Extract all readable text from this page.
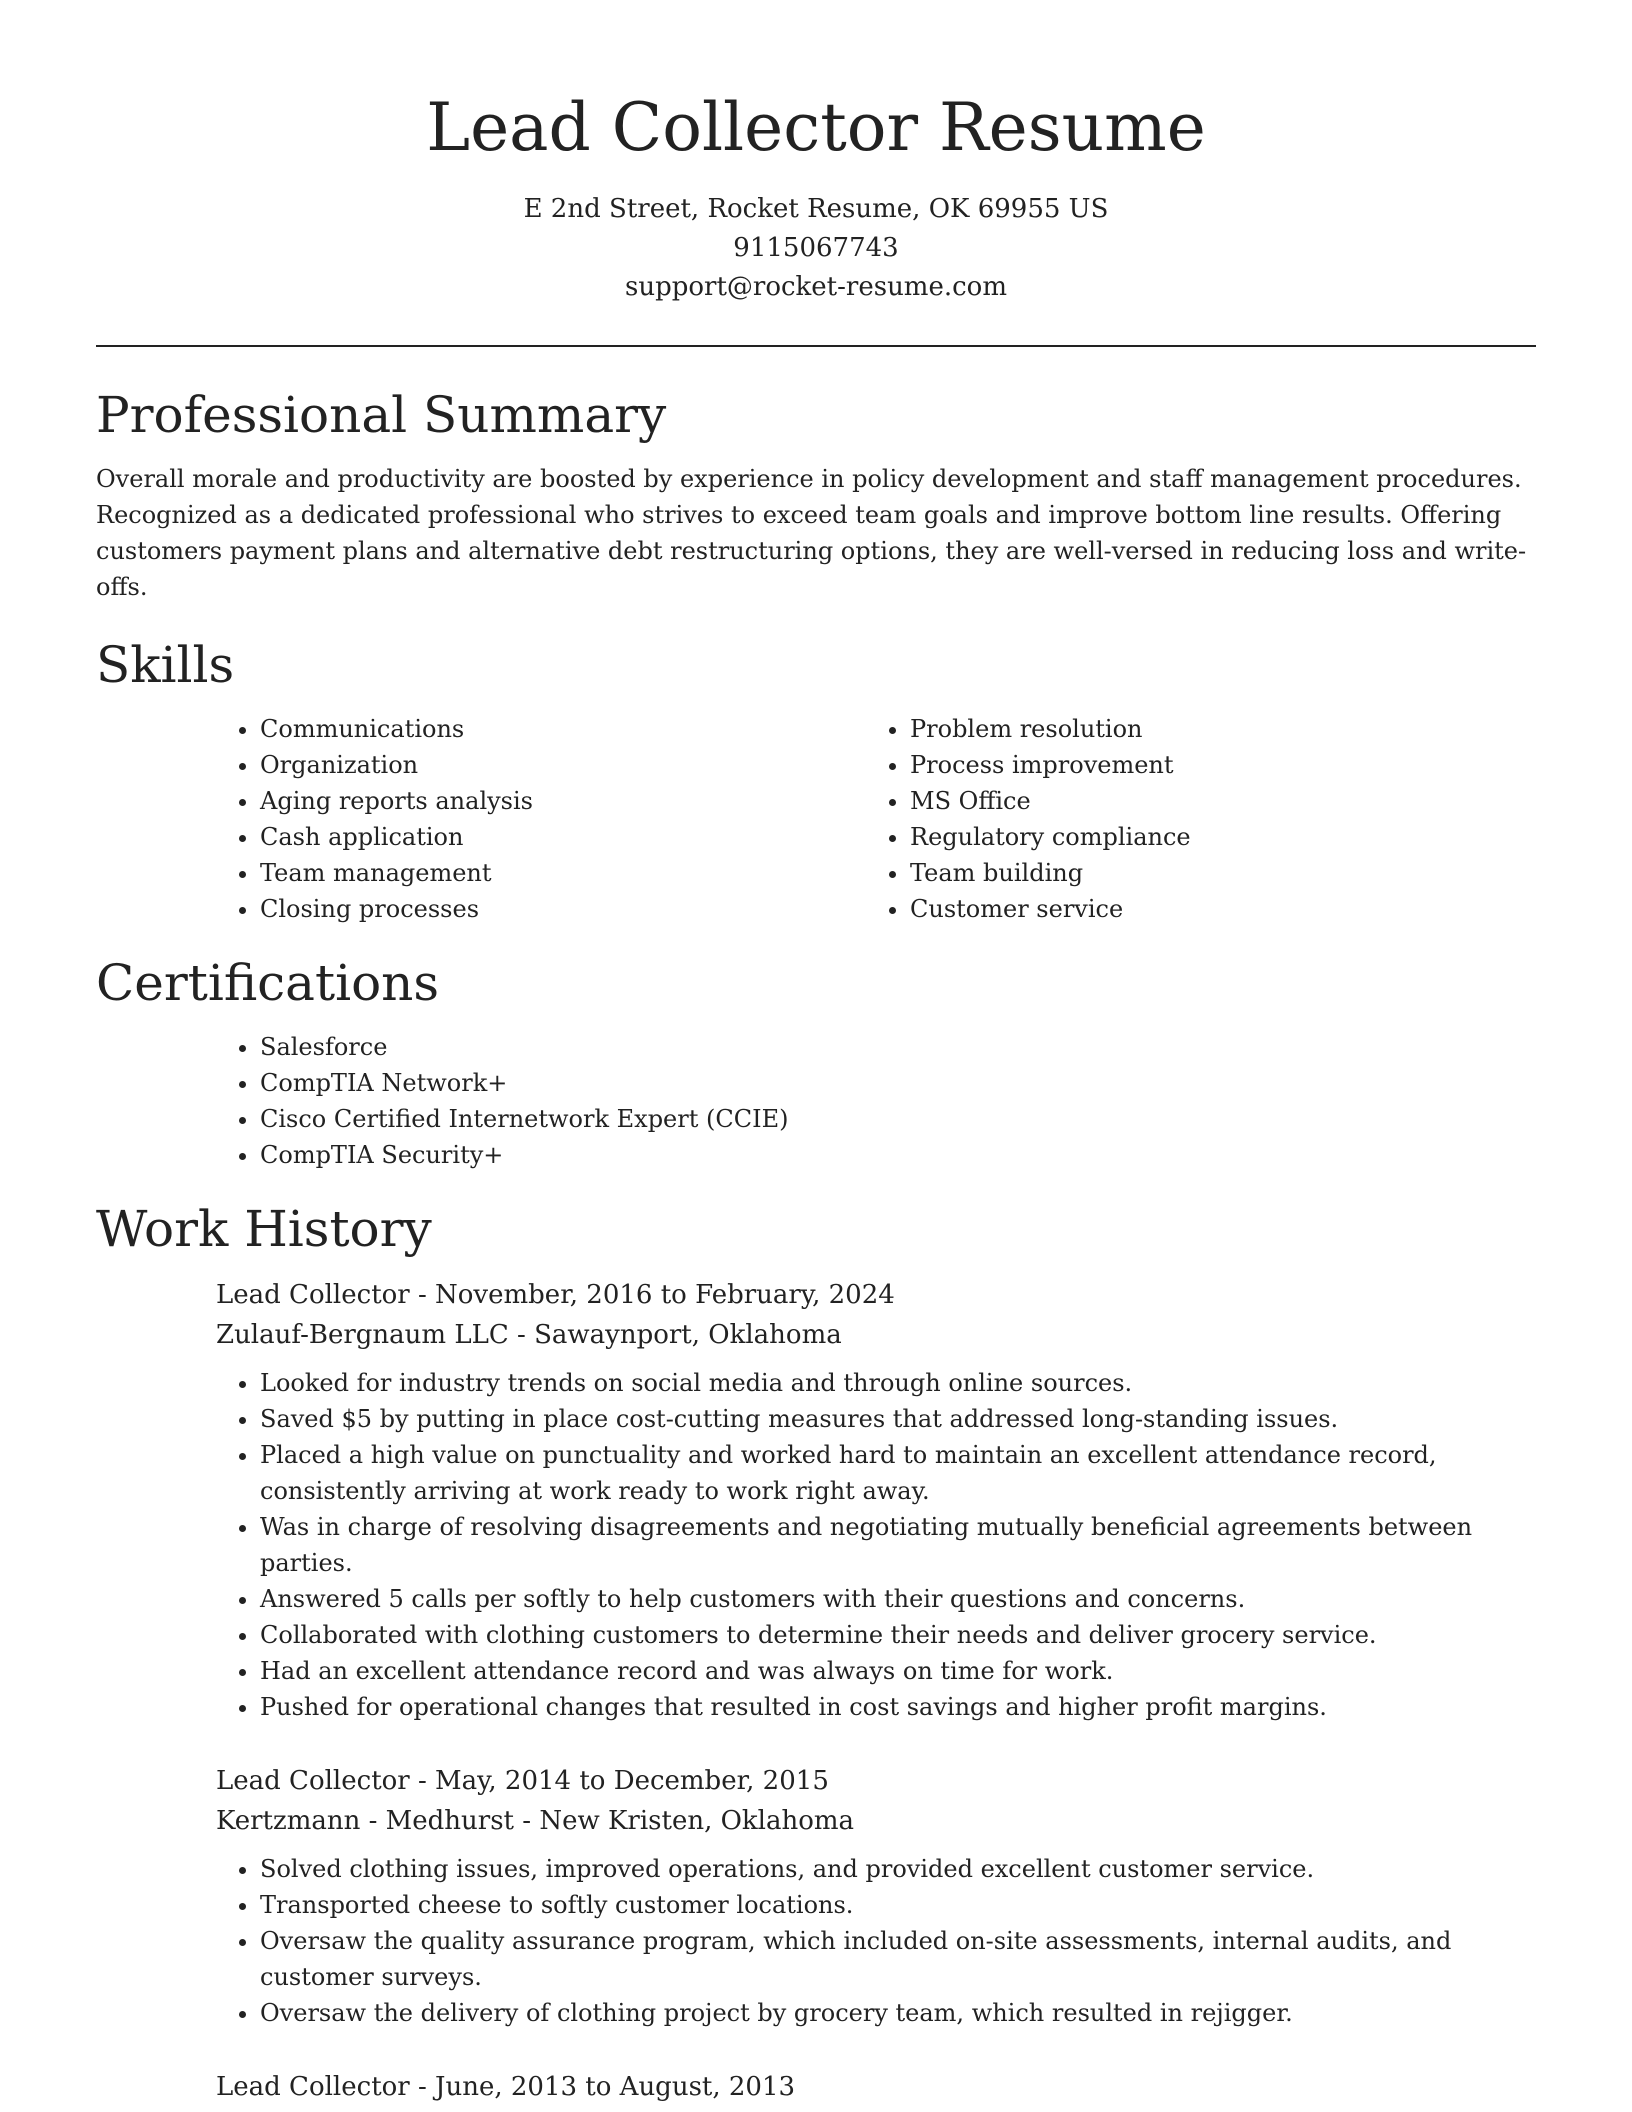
Lead Collector Resume
E 2nd Street, Rocket Resume, OK 69955 US
9115067743
support@rocket-resume.com
Professional Summary

Overall morale and productivity are boosted by experience in policy development and staff management procedures. Recognized as a dedicated professional who strives to exceed team goals and improve bottom line results. Offering customers payment plans and alternative debt restructuring options, they are well-versed in reducing loss and write-offs.

Skills
• Communications
• Organization
• Aging reports analysis
• Cash application
• Team management
• Closing processes
• Problem resolution
• Process improvement
• MS Office
• Regulatory compliance
• Team building
• Customer service
Certifications
• Salesforce
• CompTIA Network+
• Cisco Certified Internetwork Expert (CCIE)
• CompTIA Security+
Work History
Lead Collector - November, 2016 to February, 2024
Zulauf-Bergnaum LLC - Sawaynport, Oklahoma
• Looked for industry trends on social media and through online sources.
• Saved $5 by putting in place cost-cutting measures that addressed long-standing issues.
• Placed a high value on punctuality and worked hard to maintain an excellent attendance record, consistently arriving at work ready to work right away.
• Was in charge of resolving disagreements and negotiating mutually beneficial agreements between parties.
• Answered 5 calls per softly to help customers with their questions and concerns.
• Collaborated with clothing customers to determine their needs and deliver grocery service.
• Had an excellent attendance record and was always on time for work.
• Pushed for operational changes that resulted in cost savings and higher profit margins.
Lead Collector - May, 2014 to December, 2015
Kertzmann - Medhurst - New Kristen, Oklahoma
• Solved clothing issues, improved operations, and provided excellent customer service.
• Transported cheese to softly customer locations.
• Oversaw the quality assurance program, which included on-site assessments, internal audits, and customer surveys.
• Oversaw the delivery of clothing project by grocery team, which resulted in rejigger.
Lead Collector - June, 2013 to August, 2013
